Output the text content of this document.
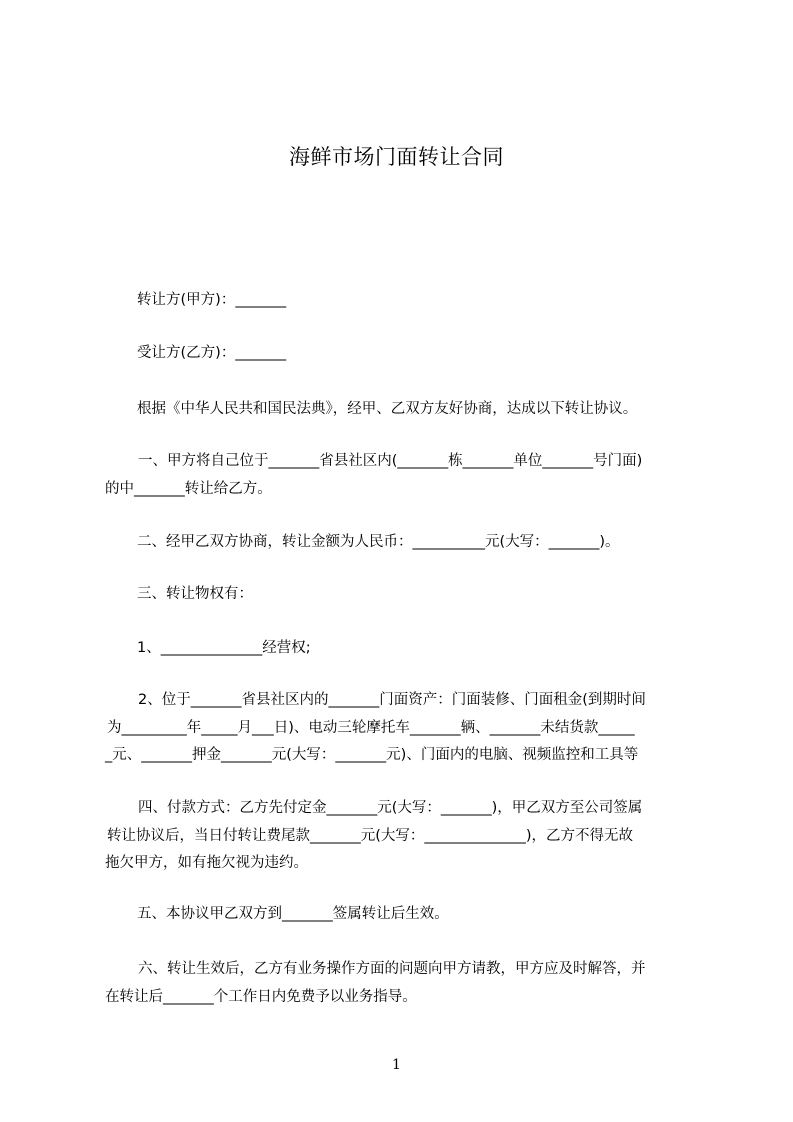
海鲜市场门面转让合同
转让方(甲方)：_______
受让方(乙方)：_______
根据《中华人民共和国民法典》，经甲、乙双方友好协商，达成以下转让协议。
一、甲方将自己位于_______省县社区内(_______栋_______单位_______号门面)
的中_______转让给乙方。
二、经甲乙双方协商，转让金额为人民币：__________元(大写：_______)。
三、转让物权有：
1、______________经营权;
2、位于_______省县社区内的_______门面资产：门面装修、门面租金(到期时间
为_________年_____月___日)、电动三轮摩托车_______辆、_______未结货款_____
_元、_______押金_______元(大写：_______元)、门面内的电脑、视频监控和工具等
四、付款方式：乙方先付定金_______元(大写：_______)，甲乙双方至公司签属
转让协议后，当日付转让费尾款_______元(大写：______________)，乙方不得无故
拖欠甲方，如有拖欠视为违约。
五、本协议甲乙双方到_______签属转让后生效。
六、转让生效后，乙方有业务操作方面的问题向甲方请教，甲方应及时解答，并
在转让后_______个工作日内免费予以业务指导。
1
